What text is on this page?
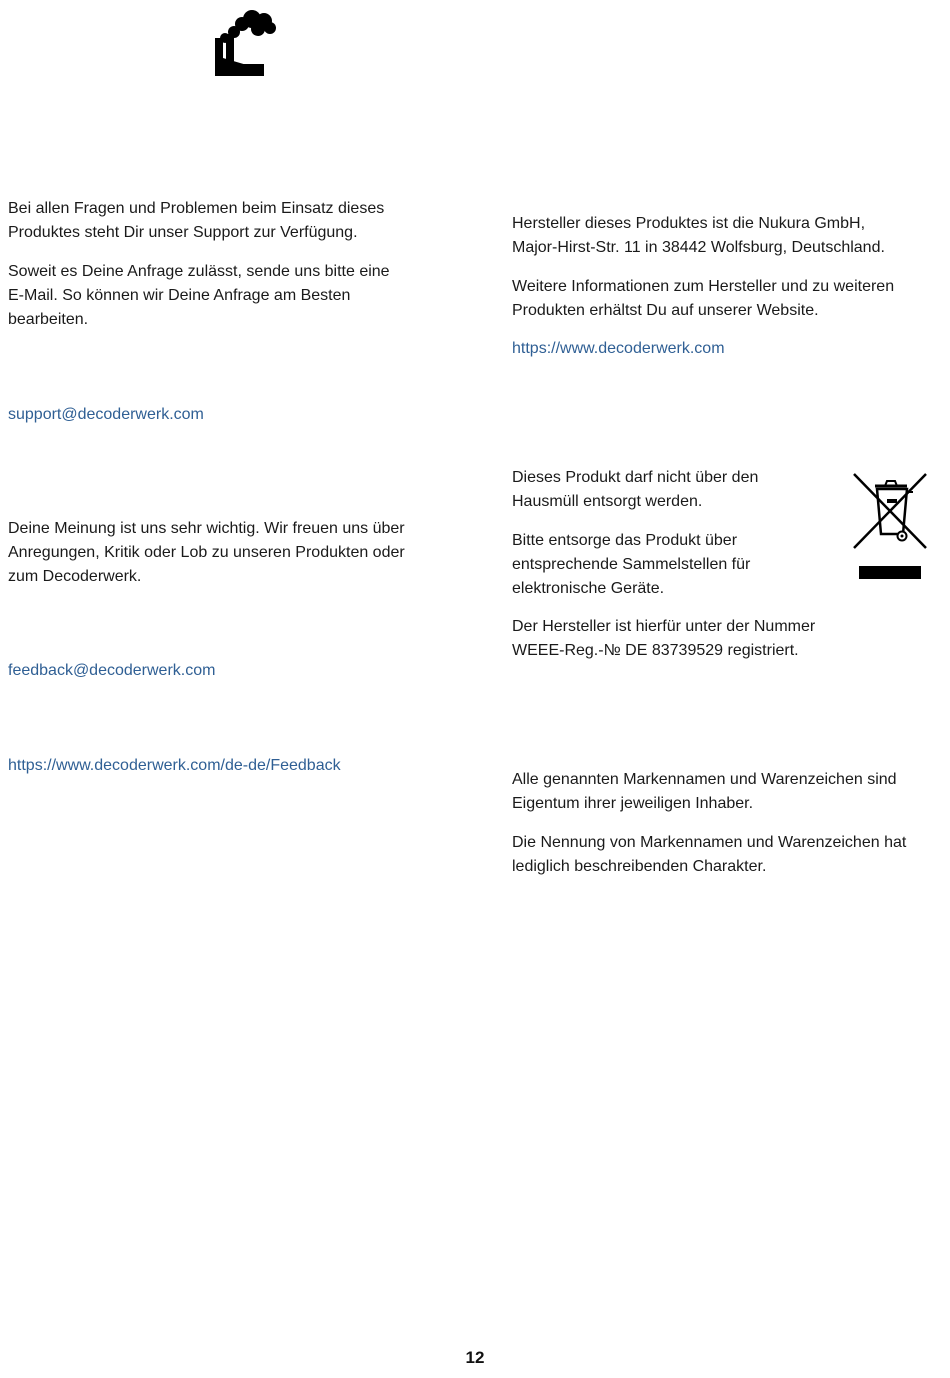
Bei allen Fragen und Problemen beim Einsatz dieses
Produktes steht Dir unser Support zur Verfügung.

Soweit es Deine Anfrage zulässt, sende uns bitte eine
E-Mail. So können wir Deine Anfrage am Besten
bearbeiten.

support@decoderwerk.com

Hersteller dieses Produktes ist die Nukura GmbH,
Major-Hirst-Str. 11 in 38442 Wolfsburg, Deutschland.

Weitere Informationen zum Hersteller und zu weiteren
Produkten erhältst Du auf unserer Website.

https://www.decoderwerk.com

Deine Meinung ist uns sehr wichtig. Wir freuen uns über
Anregungen, Kritik oder Lob zu unseren Produkten oder
zum Decoderwerk.

feedback@decoderwerk.com
https://www.decoderwerk.com/de-de/Feedback

Dieses Produkt darf nicht über den
Hausmüll entsorgt werden.

Bitte entsorge das Produkt über
entsprechende Sammelstellen für
elektronische Geräte.

Der Hersteller ist hierfür unter der Nummer
WEEE-Reg.-№ DE 83739529 registriert.

Alle genannten Markennamen und Warenzeichen sind
Eigentum ihrer jeweiligen Inhaber.

Die Nennung von Markennamen und Warenzeichen hat
lediglich beschreibenden Charakter.

12
